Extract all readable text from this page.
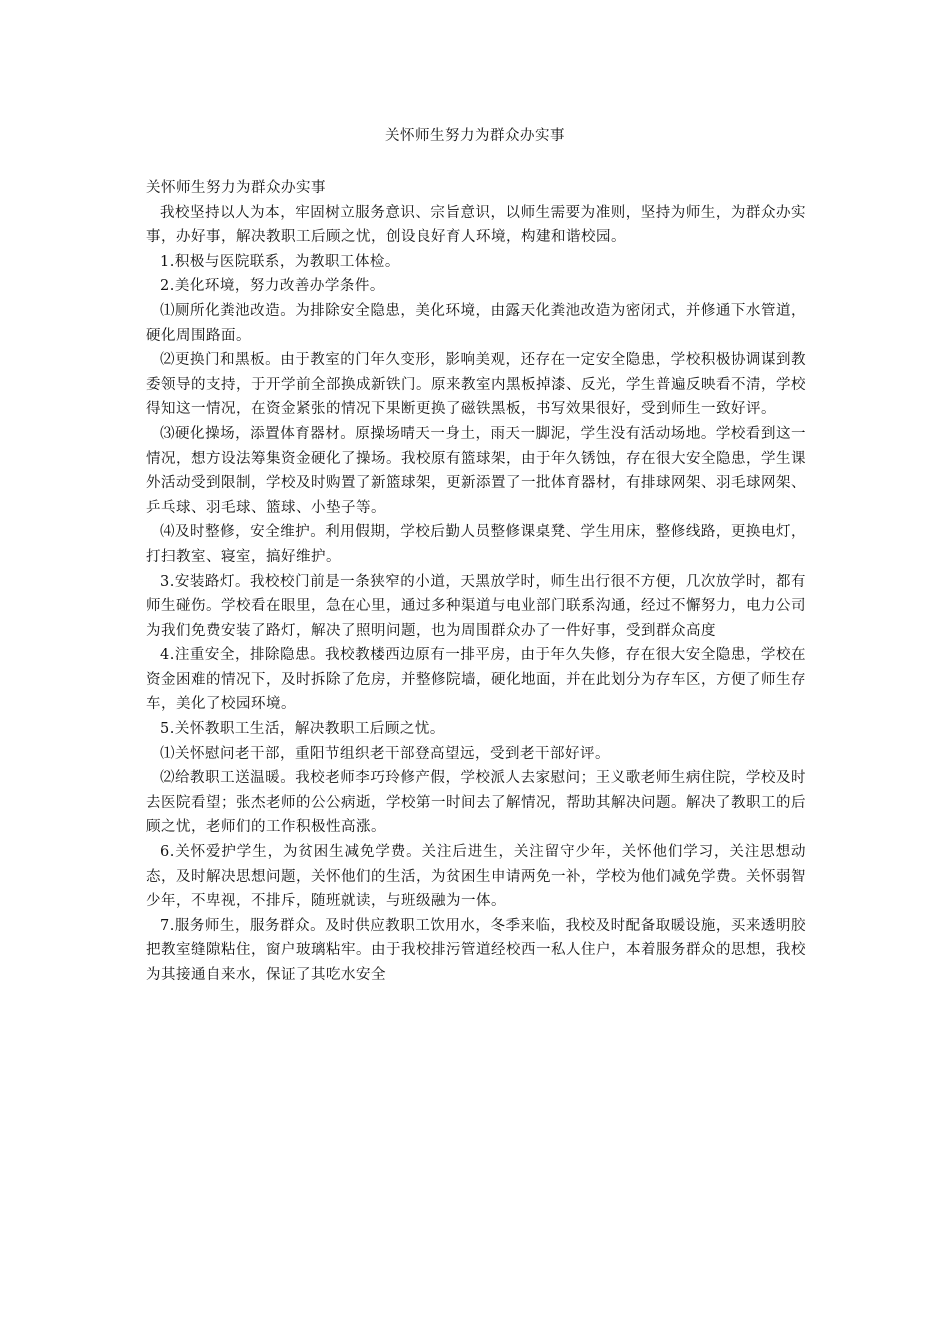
关怀师生努力为群众办实事

关怀师生努力为群众办实事

我校坚持以人为本，牢固树立服务意识、宗旨意识，以师生需要为准则，坚持为师生，为群众办实事，办好事，解决教职工后顾之忧，创设良好育人环境，构建和谐校园。

1.积极与医院联系，为教职工体检。

2.美化环境，努力改善办学条件。

⑴厕所化粪池改造。为排除安全隐患，美化环境，由露天化粪池改造为密闭式，并修通下水管道，硬化周围路面。

⑵更换门和黑板。由于教室的门年久变形，影响美观，还存在一定安全隐患，学校积极协调谋到教委领导的支持，于开学前全部换成新铁门。原来教室内黑板掉漆、反光，学生普遍反映看不清，学校得知这一情况，在资金紧张的情况下果断更换了磁铁黑板，书写效果很好，受到师生一致好评。

⑶硬化操场，添置体育器材。原操场晴天一身土，雨天一脚泥，学生没有活动场地。学校看到这一情况，想方设法筹集资金硬化了操场。我校原有篮球架，由于年久锈蚀，存在很大安全隐患，学生课外活动受到限制，学校及时购置了新篮球架，更新添置了一批体育器材，有排球网架、羽毛球网架、乒乓球、羽毛球、篮球、小垫子等。

⑷及时整修，安全维护。利用假期，学校后勤人员整修课桌凳、学生用床，整修线路，更换电灯，打扫教室、寝室，搞好维护。

3.安装路灯。我校校门前是一条狭窄的小道，天黑放学时，师生出行很不方便，几次放学时，都有师生碰伤。学校看在眼里，急在心里，通过多种渠道与电业部门联系沟通，经过不懈努力，电力公司为我们免费安装了路灯，解决了照明问题，也为周围群众办了一件好事，受到群众高度

4.注重安全，排除隐患。我校教楼西边原有一排平房，由于年久失修，存在很大安全隐患，学校在资金困难的情况下，及时拆除了危房，并整修院墙，硬化地面，并在此划分为存车区，方便了师生存车，美化了校园环境。

5.关怀教职工生活，解决教职工后顾之忧。

⑴关怀慰问老干部，重阳节组织老干部登高望远，受到老干部好评。

⑵给教职工送温暖。我校老师李巧玲修产假，学校派人去家慰问；王义歌老师生病住院，学校及时去医院看望；张杰老师的公公病逝，学校第一时间去了解情况，帮助其解决问题。解决了教职工的后顾之忧，老师们的工作积极性高涨。

6.关怀爱护学生，为贫困生减免学费。关注后进生，关注留守少年，关怀他们学习，关注思想动态，及时解决思想问题，关怀他们的生活，为贫困生申请两免一补，学校为他们减免学费。关怀弱智少年，不卑视，不排斥，随班就读，与班级融为一体。

7.服务师生，服务群众。及时供应教职工饮用水，冬季来临，我校及时配备取暖设施，买来透明胶把教室缝隙粘住，窗户玻璃粘牢。由于我校排污管道经校西一私人住户，本着服务群众的思想，我校为其接通自来水，保证了其吃水安全
